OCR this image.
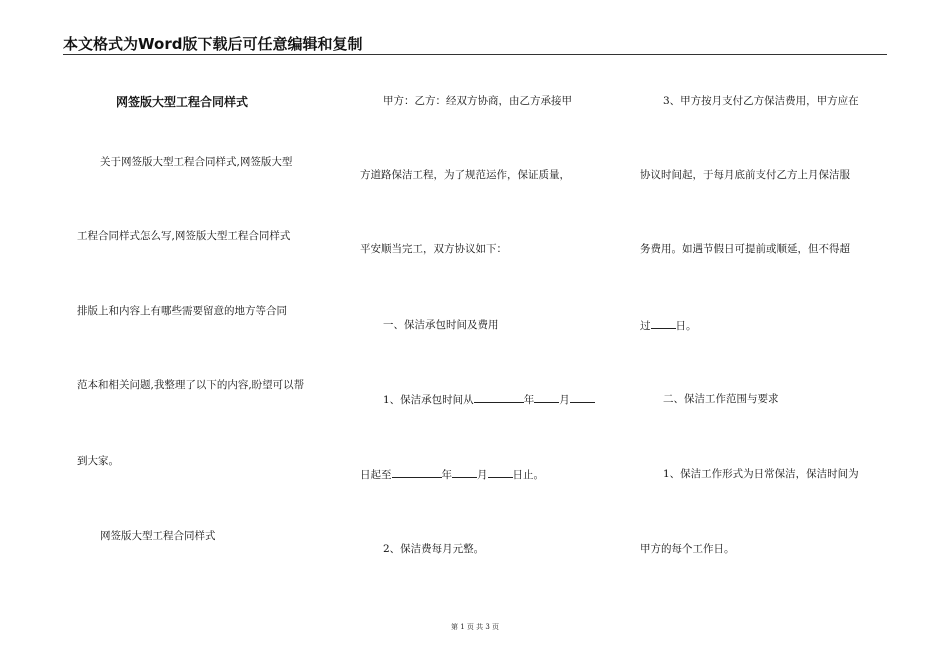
本文格式为Word版下载后可任意编辑和复制
网签版大型工程合同样式
关于网签版大型工程合同样式,网签版大型
工程合同样式怎么写,网签版大型工程合同样式
排版上和内容上有哪些需要留意的地方等合同
范本和相关问题,我整理了以下的内容,盼望可以帮
到大家。
网签版大型工程合同样式
甲方：乙方：经双方协商，由乙方承接甲
方道路保洁工程，为了规范运作，保证质量，
平安顺当完工，双方协议如下：
一、保洁承包时间及费用
1、保洁承包时间从	年 月
日起至	年 月 日止。
2、保洁费每月元整。
3、甲方按月支付乙方保洁费用，甲方应在
协议时间起，于每月底前支付乙方上月保洁服
务费用。如遇节假日可提前或顺延，但不得超
过 日。
二、保洁工作范围与要求
1、保洁工作形式为日常保洁，保洁时间为
甲方的每个工作日。
第 1 页 共 3 页
